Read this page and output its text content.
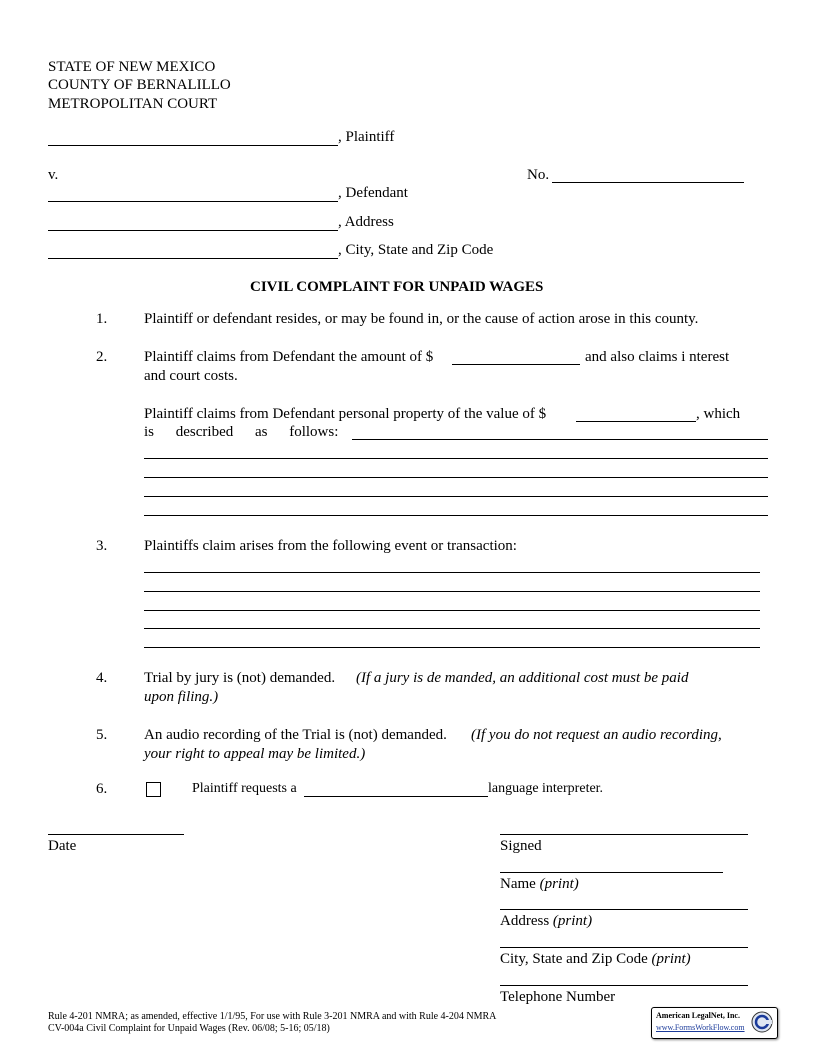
STATE OF NEW MEXICO
COUNTY OF BERNALILLO
METROPOLITAN COURT
, Plaintiff
v.	No.
, Defendant
, Address
, City, State and Zip Code
CIVIL COMPLAINT FOR UNPAID WAGES
1. Plaintiff or defendant resides, or may be found in, or the cause of action arose in this county.
2. Plaintiff claims from Defendant the amount of $	and also claims i nterest
and court costs.
Plaintiff claims from Defendant personal property of the value of $	, which
is described as follows:
3. Plaintiffs claim arises from the following event or transaction:
4. Trial by jury is (not) demanded. (If a jury is de manded, an additional cost must be paid
upon filing.)
5. An audio recording of the Trial is (not) demanded. (If you do not request an audio recording,
your right to appeal may be limited.)
6.	Plaintiff requests a	language interpreter.
Date	Signed
Name (print)
Address (print)
City, State and Zip Code (print)
Telephone Number
Rule 4-201 NMRA; as amended, effective 1/1/95, For use with Rule 3-201 NMRA and with Rule 4-204 NMRA
CV-004a Civil Complaint for Unpaid Wages (Rev. 06/08; 5-16; 05/18)
American LegalNet, Inc.
www.FormsWorkFlow.com
